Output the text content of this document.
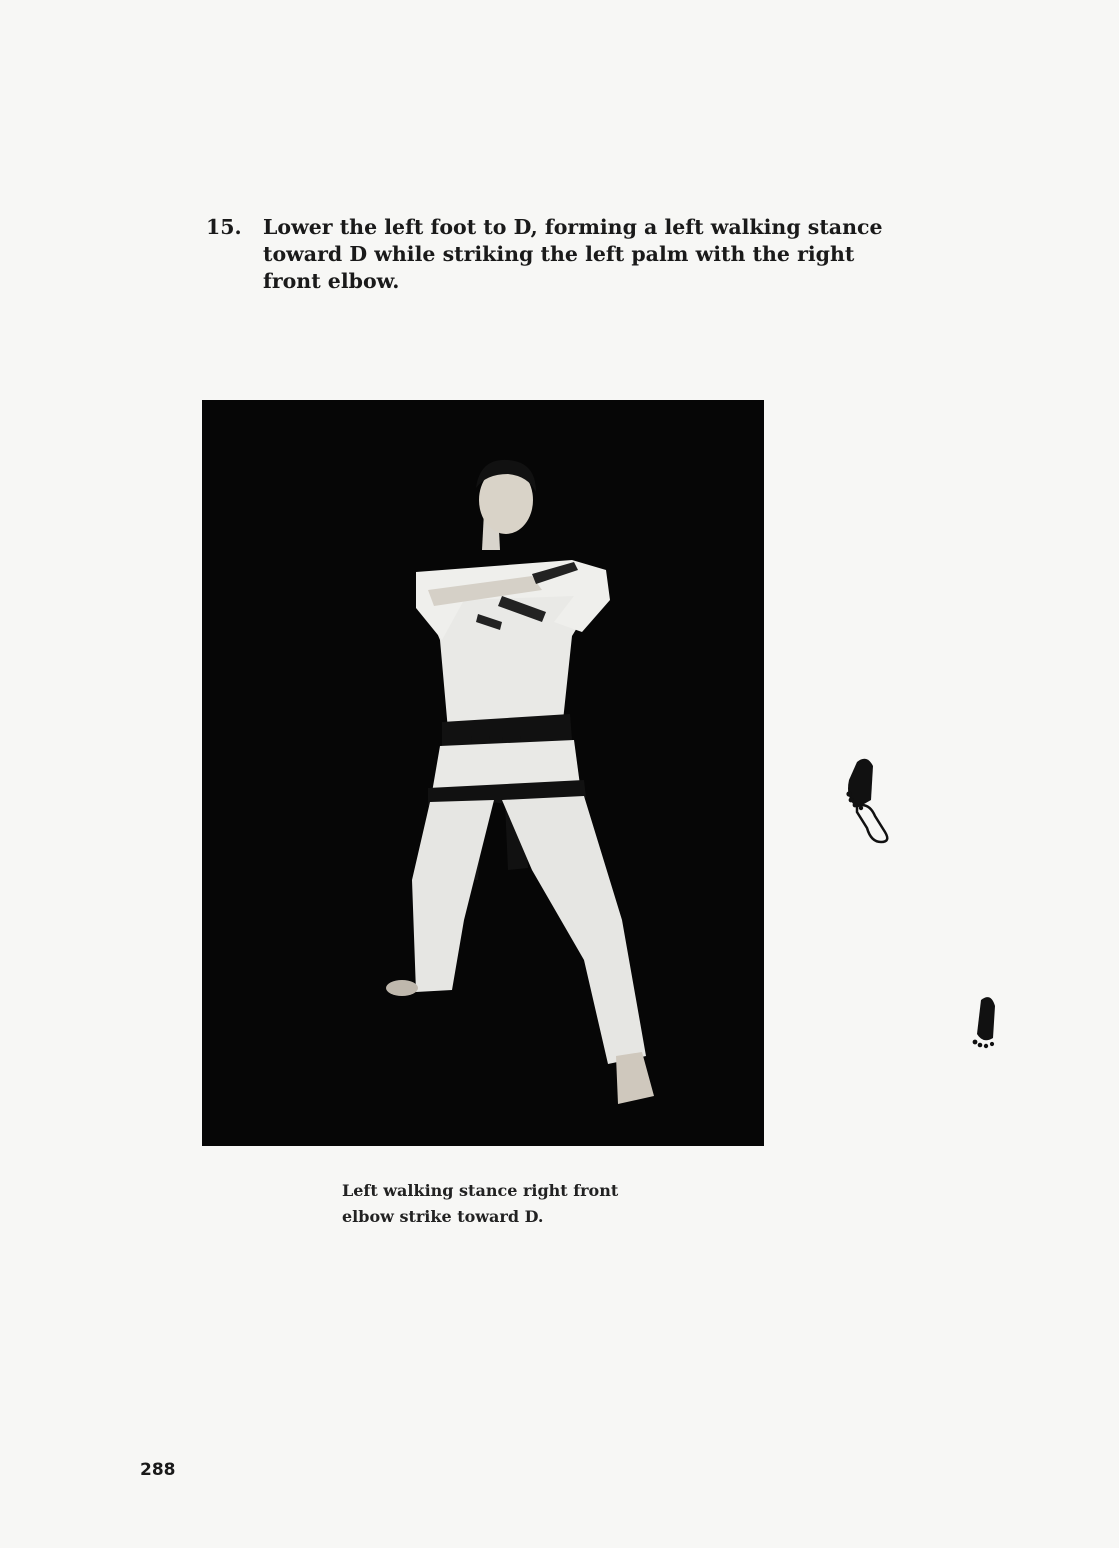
15. Lower the left foot to D, forming a left walking stance toward D while striking the left palm with the right front elbow.
Left walking stance right front
elbow strike toward D.
288
